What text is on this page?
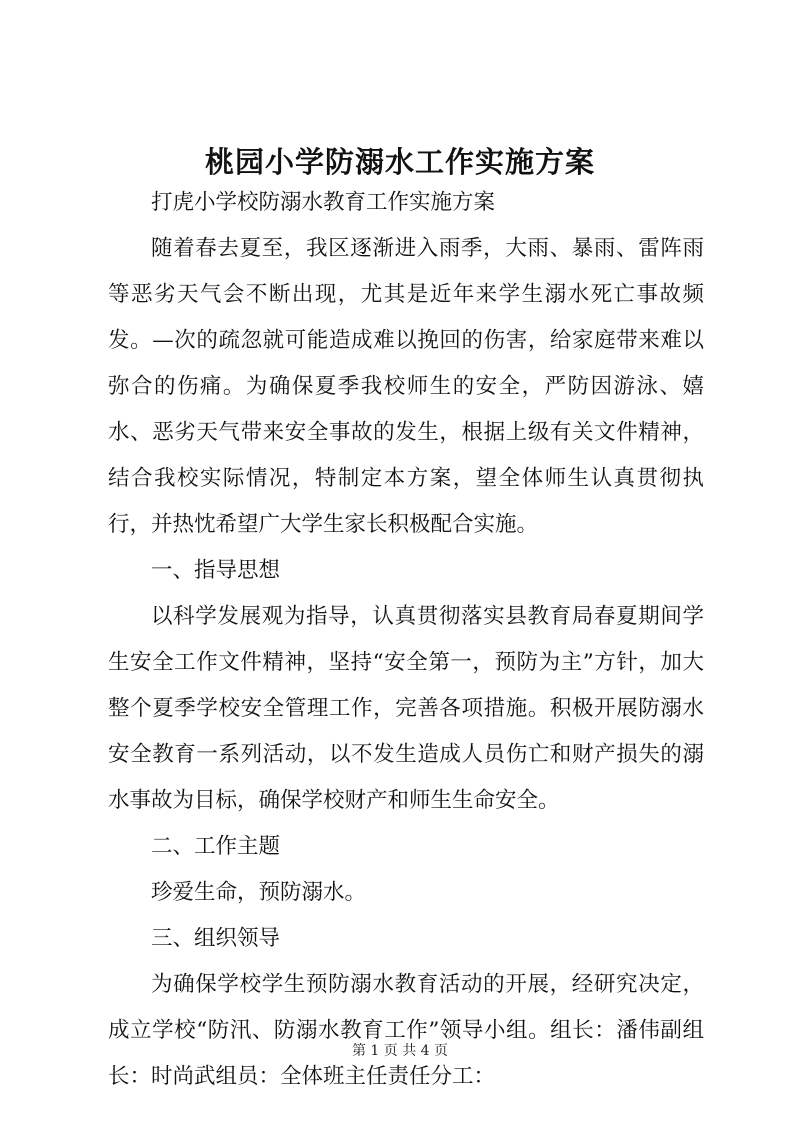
桃园小学防溺水工作实施方案

打虎小学校防溺水教育工作实施方案

随着春去夏至，我区逐渐进入雨季，大雨、暴雨、雷阵雨等恶劣天气会不断出现，尤其是近年来学生溺水死亡事故频发。—次的疏忽就可能造成难以挽回的伤害，给家庭带来难以弥合的伤痛。为确保夏季我校师生的安全，严防因游泳、嬉水、恶劣天气带来安全事故的发生，根据上级有关文件精神，结合我校实际情况，特制定本方案，望全体师生认真贯彻执行，并热忱希望广大学生家长积极配合实施。

一、指导思想

以科学发展观为指导，认真贯彻落实县教育局春夏期间学生安全工作文件精神，坚持“安全第一，预防为主”方针，加大整个夏季学校安全管理工作，完善各项措施。积极开展防溺水安全教育一系列活动，以不发生造成人员伤亡和财产损失的溺水事故为目标，确保学校财产和师生生命安全。

二、工作主题

珍爱生命，预防溺水。

三、组织领导

为确保学校学生预防溺水教育活动的开展，经研究决定，成立学校“防汛、防溺水教育工作”领导小组。组长：潘伟副组长：时尚武组员：全体班主任责任分工：

第 1 页 共 4 页
